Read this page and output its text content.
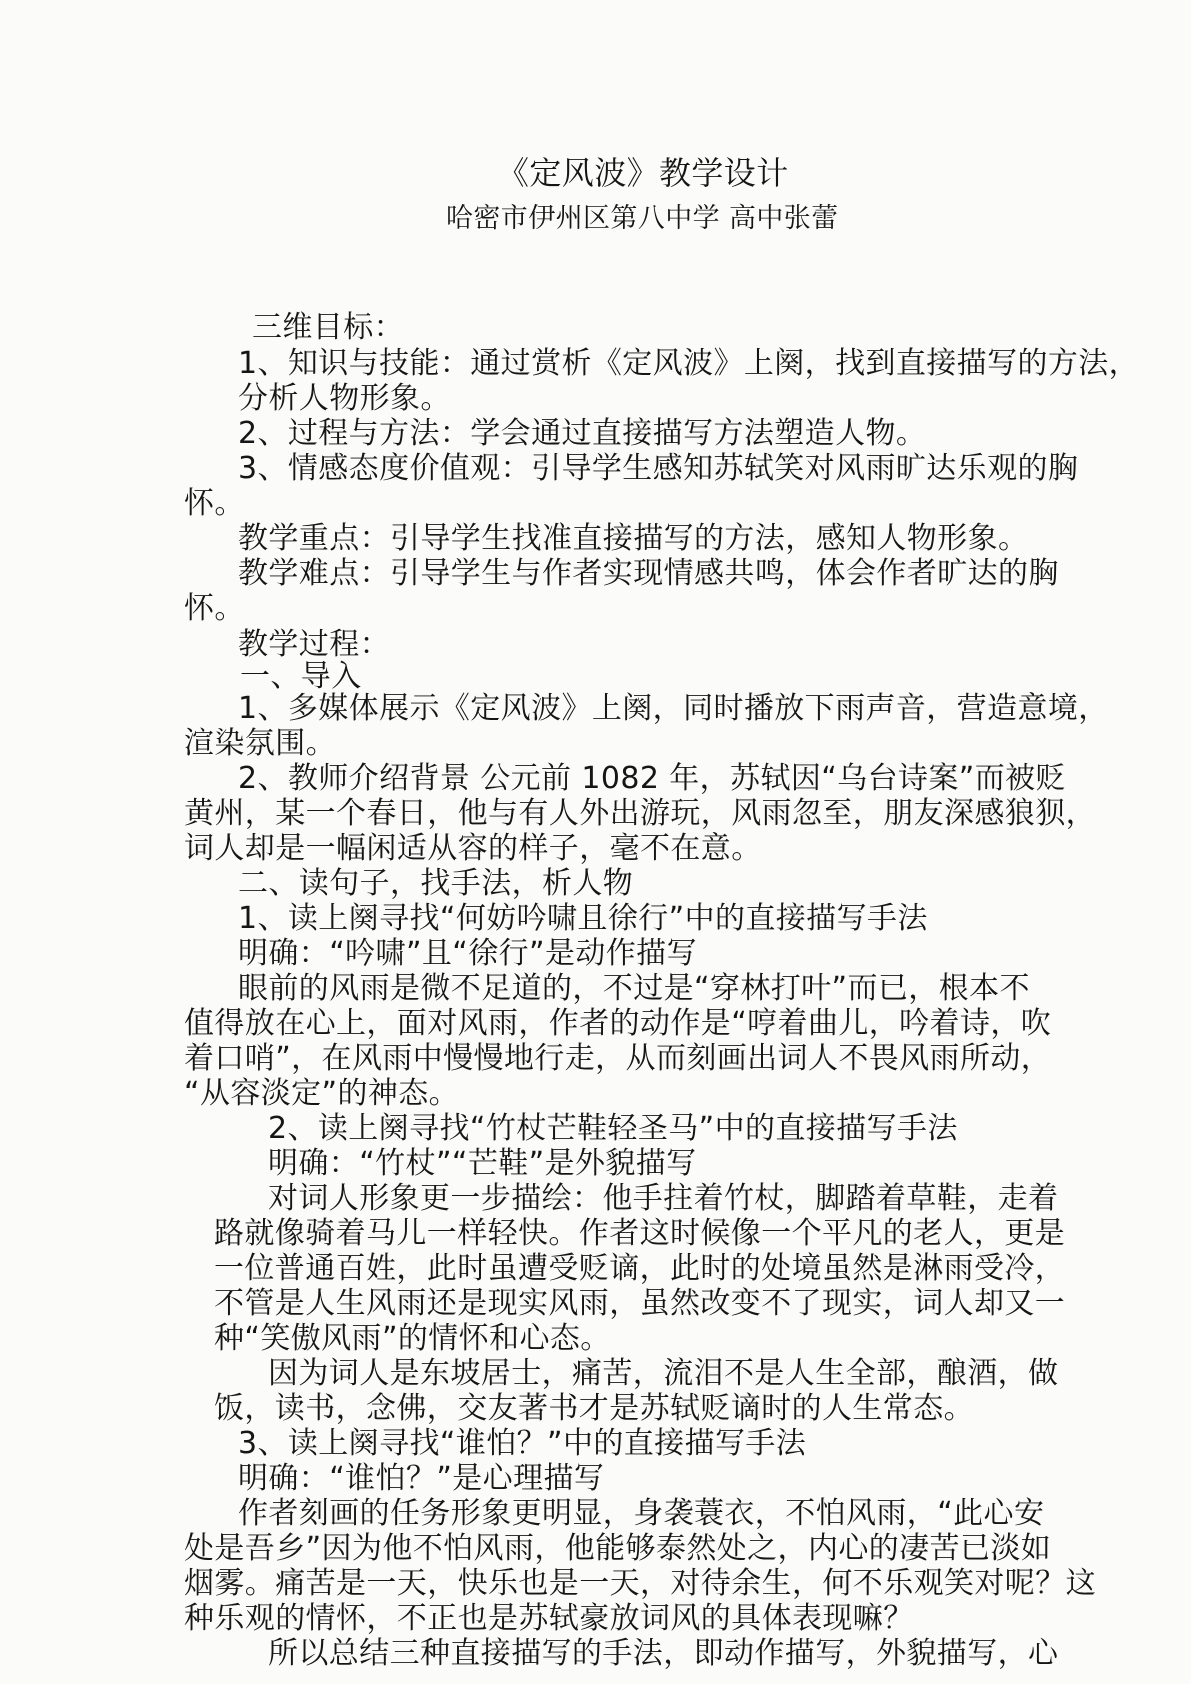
《定风波》教学设计
哈密市伊州区第八中学 高中张蕾
三维目标：
1、知识与技能：通过赏析《定风波》上阕，找到直接描写的方法，
分析人物形象。
2、过程与方法：学会通过直接描写方法塑造人物。
3、情感态度价值观：引导学生感知苏轼笑对风雨旷达乐观的胸
怀。
教学重点：引导学生找准直接描写的方法，感知人物形象。
教学难点：引导学生与作者实现情感共鸣，体会作者旷达的胸
怀。
教学过程：
一、导入
1、多媒体展示《定风波》上阕，同时播放下雨声音，营造意境，
渲染氛围。
2、教师介绍背景 公元前 1082 年，苏轼因“乌台诗案”而被贬
黄州，某一个春日，他与有人外出游玩，风雨忽至，朋友深感狼狈，
词人却是一幅闲适从容的样子，毫不在意。
二、读句子，找手法，析人物
1、读上阕寻找“何妨吟啸且徐行”中的直接描写手法
明确：“吟啸”且“徐行”是动作描写
眼前的风雨是微不足道的，不过是“穿林打叶”而已，根本不
值得放在心上，面对风雨，作者的动作是“哼着曲儿，吟着诗，吹
着口哨”，在风雨中慢慢地行走，从而刻画出词人不畏风雨所动，
“从容淡定”的神态。
2、读上阕寻找“竹杖芒鞋轻圣马”中的直接描写手法
明确：“竹杖”“芒鞋”是外貌描写
对词人形象更一步描绘：他手拄着竹杖，脚踏着草鞋，走着
路就像骑着马儿一样轻快。作者这时候像一个平凡的老人，更是
一位普通百姓，此时虽遭受贬谪，此时的处境虽然是淋雨受冷，
不管是人生风雨还是现实风雨，虽然改变不了现实，词人却又一
种“笑傲风雨”的情怀和心态。
因为词人是东坡居士，痛苦，流泪不是人生全部，酿酒，做
饭，读书，念佛，交友著书才是苏轼贬谪时的人生常态。
3、读上阕寻找“谁怕？”中的直接描写手法
明确：“谁怕？”是心理描写
作者刻画的任务形象更明显，身袭蓑衣，不怕风雨，“此心安
处是吾乡”因为他不怕风雨，他能够泰然处之，内心的凄苦已淡如
烟雾。痛苦是一天，快乐也是一天，对待余生，何不乐观笑对呢？这
种乐观的情怀，不正也是苏轼豪放词风的具体表现嘛？
所以总结三种直接描写的手法，即动作描写，外貌描写，心
